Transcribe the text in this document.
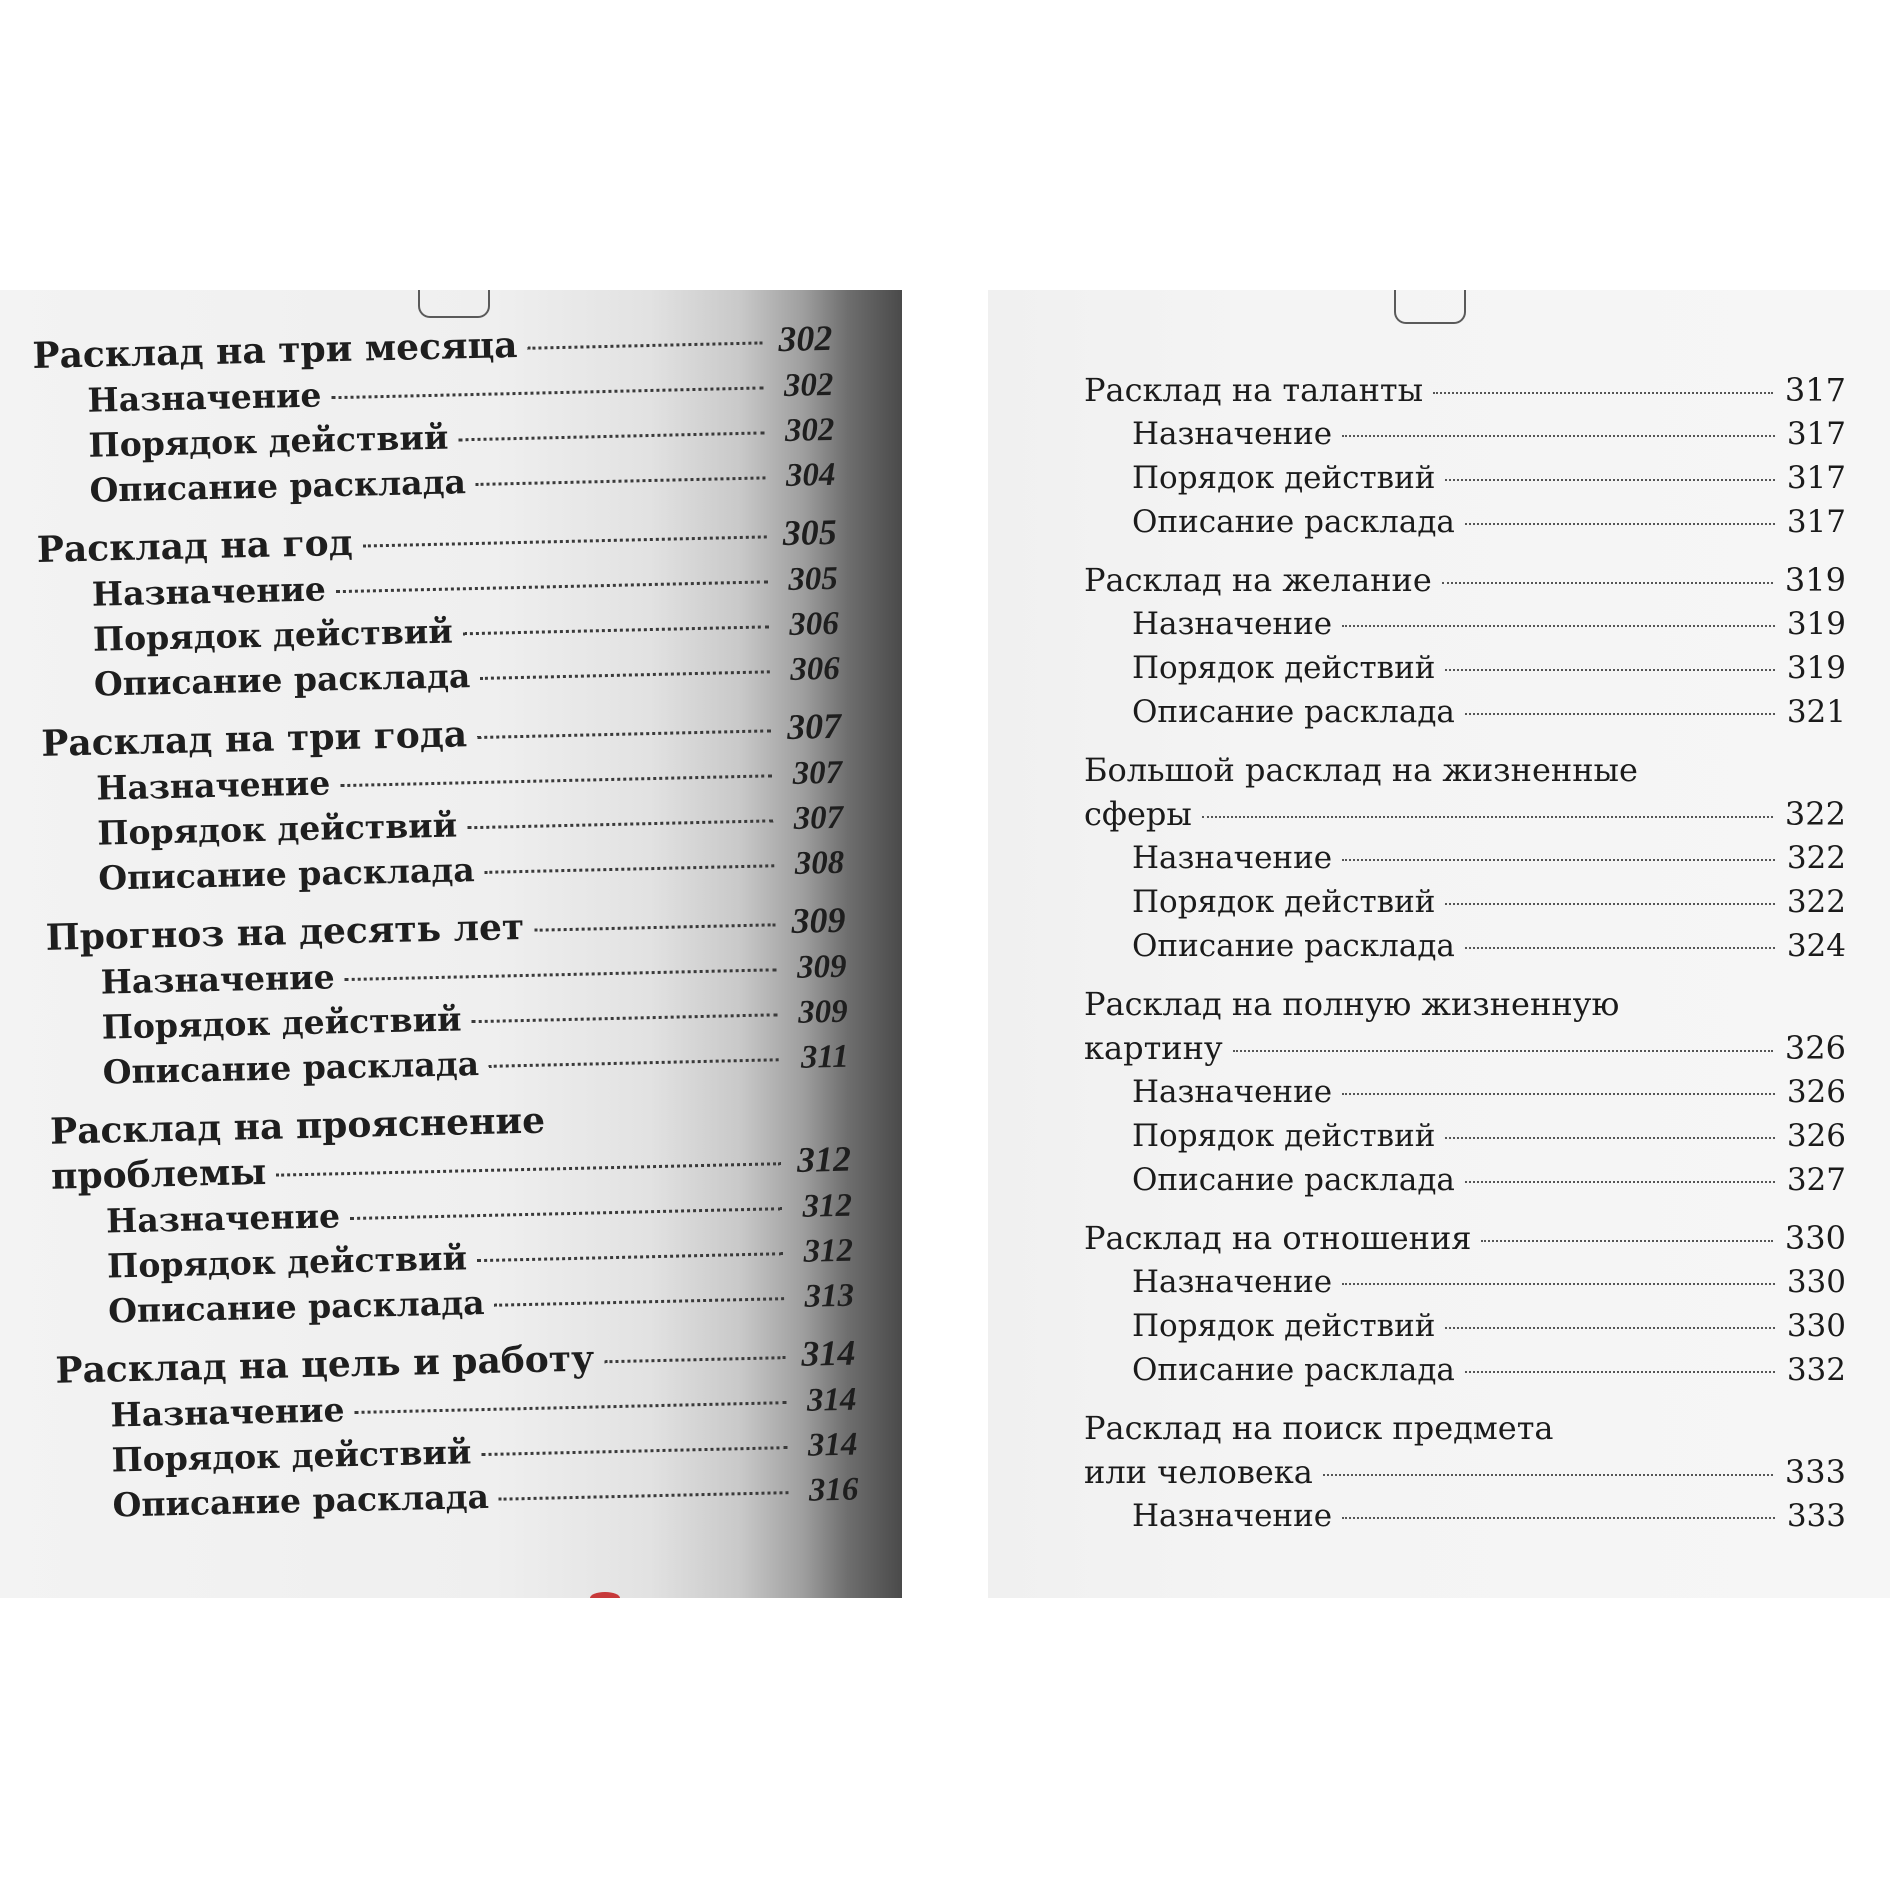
Расклад на три месяца	302
Назначение	302
Порядок действий	302
Описание расклада	304
Расклад на год	305
Назначение	305
Порядок действий	306
Описание расклада	306
Расклад на три года	307
Назначение	307
Порядок действий	307
Описание расклада	308
Прогноз на десять лет	309
Назначение	309
Порядок действий	309
Описание расклада	311
Расклад на прояснение
проблемы	312
Назначение	312
Порядок действий	312
Описание расклада	313
Расклад на цель и работу	314
Назначение	314
Порядок действий	314
Описание расклада	316
Расклад на таланты	317
Назначение	317
Порядок действий	317
Описание расклада	317
Расклад на желание	319
Назначение	319
Порядок действий	319
Описание расклада	321
Большой расклад на жизненные
сферы	322
Назначение	322
Порядок действий	322
Описание расклада	324
Расклад на полную жизненную
картину	326
Назначение	326
Порядок действий	326
Описание расклада	327
Расклад на отношения	330
Назначение	330
Порядок действий	330
Описание расклада	332
Расклад на поиск предмета
или человека	333
Назначение	333
